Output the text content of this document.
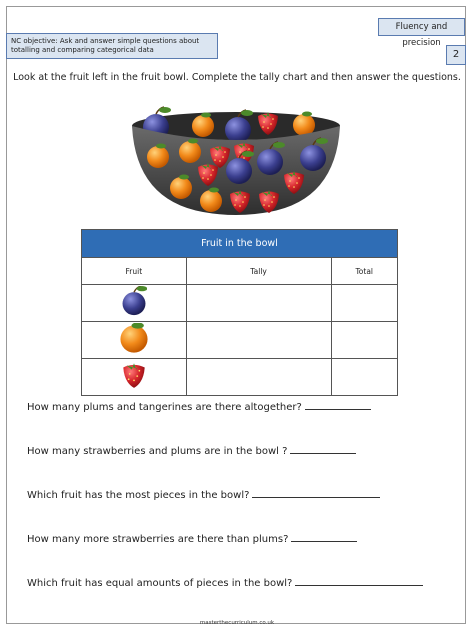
NC objective: Ask and answer simple questions about totalling and comparing categorical data
Fluency and precision
2
Look at the fruit left in the fruit bowl. Complete the tally chart and then answer the questions.
Fruit in the bowl		
Fruit	Tally	Total

How many plums and tangerines are there altogether?
How many strawberries and plums are in the bowl ?
Which fruit has the most pieces in the bowl?
How many more strawberries are there than plums?
Which fruit has equal amounts of pieces in the bowl?
masterthecurriculum.co.uk
